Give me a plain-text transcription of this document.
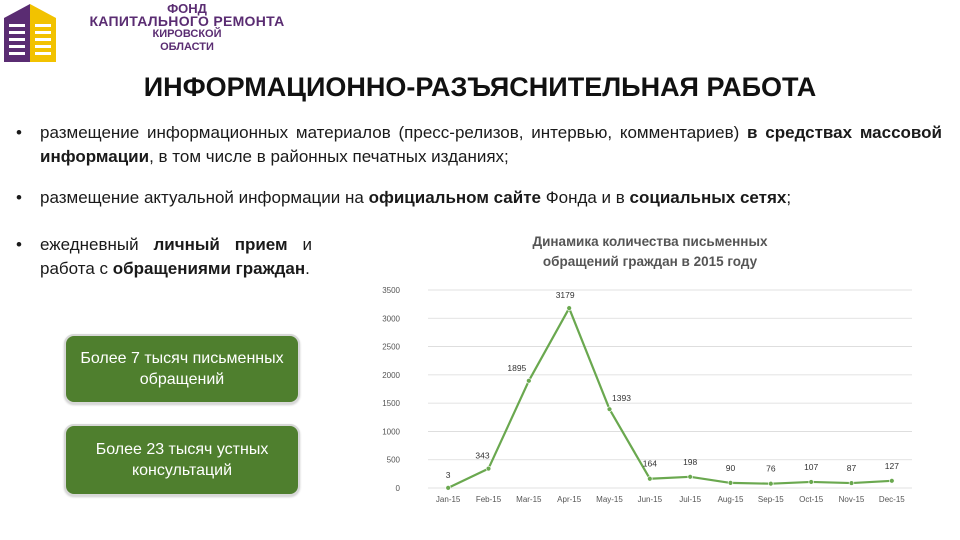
ФОНД
КАПИТАЛЬНОГО РЕМОНТА
КИРОВСКОЙ
ОБЛАСТИ
ИНФОРМАЦИОННО-РАЗЪЯСНИТЕЛЬНАЯ РАБОТА
• размещение информационных материалов (пресс-релизов, интервью, комментариев) в средствах массовой информации, в том числе в районных печатных изданиях;
• размещение актуальной информации на официальном сайте Фонда и в социальных сетях;
• ежедневный личный прием и работа с обращениями граждан.
Более 7 тысяч письменных обращений
Более 23 тысяч устных консультаций
Динамика количества письменных
обращений граждан в 2015 году
0
500
1000
1500
2000
2500
3000
3500
Jan-15 Feb-15 Mar-15 Apr-15 May-15 Jun-15 Jul-15 Aug-15 Sep-15 Oct-15 Nov-15 Dec-15
3
343
1895
3179
1393
164	198
90	76	107	87	127
